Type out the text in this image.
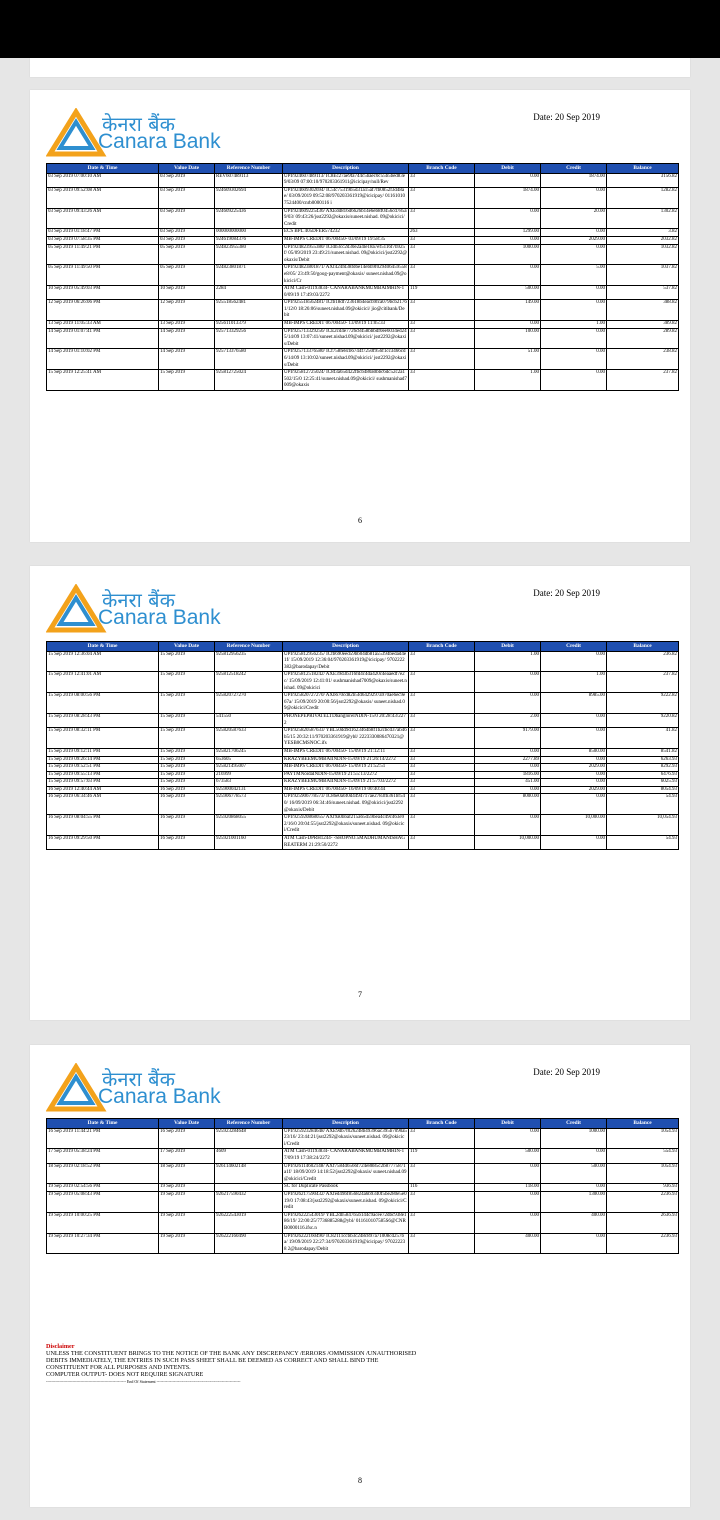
केनरा बैंक
Canara Bank
Date: 20 Sep 2019
Date & Time	Value Date	Reference Number	Description	Branch Code	Debit	Credit	Balance
03 Sep 2019 07:00:10 AM	03 Sep 2019	REV607489113	UPI/924607489113/ IC8Ec27ae9fa744c5baec0c55b5bed83e9/03/09 07:00:10/970203361911@icicipay/null/Rev	33	0.00	1874.00	3156.82
03 Sep 2019 09:52:08 AM	03 Sep 2019	924609302694	UPI/924609302694/ IC5fc75319b5d31a15af7fb0852f3d48ae/ 03/09/2019 09:52:08/970203361919@icicipay/ 011610107524400/cnrb0000116 i	33	1874.00	0.00	1282.82
03 Sep 2019 09:43:26 AM	03 Sep 2019	924609225436	UPI/924609225436/ AXEdd816d6626b14e6eb8f0456cd785a9/03/ 09:43:26/jsst2292@okaxis/suneet.nishad. 09@okicici/Credit	33	0.00	20.00	1302.82
03 Sep 2019 01:18:47 PM	03 Sep 2019	000000000000	ECS BPL 405DFER574232	263	1299.00	0.00	3.82
03 Sep 2019 07:58:35 PM	03 Sep 2019	924619084376	MB-IMPS CREDIT 06700450- 03/09/19 19:58:35	33	0.00	2029.00	2032.82
05 Sep 2019 11:49:21 PM	05 Sep 2019	924823955380	UPI/924823955380/ ICldb3cc2d30e2a4le18a7ef5116f7b925f/ 05/09/2019 23:49:21/suneet.nishad. 09@okicici/jsst2292@okaxis/Debit	33	1000.00	0.00	1032.82
05 Sep 2019 11:49:50 PM	05 Sep 2019	924823801871	UPI/924823801871/ AXf424fd38fd6e14ebb9f029406459558e8/05/ 23:49:50/goog-payment@okaxis/ suneet.nishad.09@okicici/Cr	33	0.00	5.00	1037.82
10 Sep 2019 05:49:03 PM	10 Sep 2019	2284	ATM Cash-01193834- CANARABANKMUMBAIMHIN-10/09/19 17:49:03/2272	119	500.00	0.00	537.82
12 Sep 2019 06:26:06 PM	12 Sep 2019	925518562481	UPI/925518562481/ ICfb18df723618b4eacb9fca079bcb21761/12/0 18:26:06/suneet.nishad.09@okicici/ jio@citibank/Debit	33	149.00	0.00	388.82
13 Sep 2019 11:05:33 AM	13 Sep 2019	925611013379	MB-IMPS CREDIT 06700450- 13/09/19 11:05:33	33	0.00	1.00	389.82
14 Sep 2019 01:07:41 PM	14 Sep 2019	925713329256	UPI/925713329256/ ICE2cd4e7726c8458bbbdf0ee6034ed245/14/09 13:07:41/suneet.nishad.09@okicici/ jsst2292@okaxis/Debit	33	100.00	0.00	289.82
14 Sep 2019 01:10:02 PM	14 Sep 2019	925713376580	UPI/925713376580/ ICf758fe8cb6744f7250f956f1cc3466cd6/14/09 13:10:02/suneet.nishad.09@okicici/ jsst2292@okaxis/Debit	33	51.00	0.00	238.82
15 Sep 2019 12:25:41 AM	15 Sep 2019	925812725024	UPI/925812725024/ IC8f3a65d422fbcb480a0bbc6dc52c2a1502/15/0 12:25:41/suneet.nishad.09@okicici/ sushmanishad7009@okaxis	33	1.00	0.00	237.82
6
केनरा बैंक
Canara Bank
Date: 20 Sep 2019
Date & Time	Value Date	Reference Number	Description	Branch Code	Debit	Credit	Balance
15 Sep 2019 12:36:04 AM	15 Sep 2019	925812956235	UPI/925812956235/ ICfb690eed59bb04db81a55394bedad4e1f/ 15/09/2019 12:36:04/970203361919@icicipay/ 9702222382@barodapay/Debit	33	1.00	0.00	236.82
15 Sep 2019 12:41:01 AM	15 Sep 2019	925812518242	UPI/925812518242/ AXE39d3b316fd4c4da420c4eaaedf7e2c/ 15/09/2019 12:41:01/ sushmanishad7009@okaxis/suneet.nishad. 09@okicici	33	0.00	1.00	237.82
15 Sep 2019 08:00:56 PM	15 Sep 2019	925820727270	UPI/925820727270/ AXb670cd82b5fd6429297a970ae6ec9e67a/ 15/09/2019 20:00:56/jsst2292@okaxis/ suneet.nishad.09@okicici/Credit	33	0.00	8985.00	9222.82
15 Sep 2019 08:28:43 PM	15 Sep 2019	541550	PHONEPEPRIVATELTDbangloreINDIN-15/0 20:28:43/2272	33	2.00	0.00	9220.82
15 Sep 2019 08:32:11 PM	15 Sep 2019	925820587633	UPI/925820587633/ YBL50dd9d1623464b8f1b2cbcd37ab46b5/15 20:32:11/970203361919@ybl/ 2223330086470321@YESB0CMSNOC.ifs	33	9179.00	0.00	41.82
15 Sep 2019 09:12:11 PM	15 Sep 2019	925821706245	MB-IMPS CREDIT 06700450- 15/09/19 21:12:11	33	0.00	8500.00	8541.82
15 Sep 2019 09:26:14 PM	15 Sep 2019	653605	KRAZYBEEMUMBAIINDIN-15/09/19 21:26:14/2272	33	2277.89	0.00	6263.93
15 Sep 2019 09:52:51 PM	15 Sep 2019	925821495007	MB-IMPS CREDIT 06700450- 15/09/19 21:52:51	33	0.00	2029.00	8292.93
15 Sep 2019 09:55:13 PM	15 Sep 2019	216999	PAYTMNoidaINDIN-15/09/19 21:55:13/2272	33	1816.00	0.00	6476.93
15 Sep 2019 09:57:03 PM	15 Sep 2019	673583	KRAZYBEEMUMBAIINDIN-15/09/19 21:57:03/2272	33	451.00	0.00	6025.93
16 Sep 2019 12:40:44 AM	16 Sep 2019	925900042131	MB-IMPS CREDIT 06700450- 16/09/19 00:40:44	33	0.00	2029.00	8054.93
16 Sep 2019 06:34:46 AM	16 Sep 2019	925906778573	UPI/925906778573/ IC86e0a6f0d4494717ae2783fb361bf540/ 16/09/2019 06:34:46/suneet.nishad. 09@okicici/jsst2292@okaxis/Debit	33	8000.00	0.00	54.93
16 Sep 2019 08:04:55 PM	16 Sep 2019	925920868055	UPI/925920868055/ AXf9a0bbaf215a65d59bea4c49c463e92/16/0 20:04:55/jsst2292@okaxis/suneet.nishad. 09@okicici/Credit	33	0.00	10,000.00	10,054.93
16 Sep 2019 09:29:50 PM	16 Sep 2019	925921001160	ATM Cash-DPRH1244- -SHOPNO.5MADHUMANISHAGREATERM 21:29:50/2272	33	10,000.00	0.00	54.93
7
केनरा बैंक
Canara Bank
Date: 20 Sep 2019
Date & Time	Value Date	Reference Number	Description	Branch Code	Debit	Credit	Balance
16 Sep 2019 11:44:21 PM	16 Sep 2019	925923284648	UPI/925923284648/ AXE9db7f026248b49396ac395b7090a523/16/ 23:44:21/jsst2292@okaxis/suneet.nishad. 09@okicici/Credit	33	0.00	1000.00	1054.93
17 Sep 2019 05:38:24 PM	17 Sep 2019	4609	ATM Cash-01193834- CANARABANKMUMBAIMHIN-17/09/19 17:38:24/2272	119	500.00	0.00	554.93
18 Sep 2019 02:18:52 PM	18 Sep 2019	926114602148	UPI/926114602148/ AXf7584d6566f724e8885c2b87775871a1f/ 18/09/2019 14:18:52/jsst2292@okaxis/ suneet.nishad.09@okicici/Credit	33	0.00	500.00	1054.93
19 Sep 2019 02:54:56 PM	19 Sep 2019		SC for Duplicate Passbook	116	118.00	0.00	936.93
19 Sep 2019 05:08:43 PM	19 Sep 2019	926217590432	UPI/926217590432/ AXfed49bf856824a6b9340f5be280e5e019/0 17:08:43/jsst2292@okaxis/suneet.nishad. 09@okicici/Credit	33	0.00	1300.00	2236.93
19 Sep 2019 10:00:25 PM	19 Sep 2019	926222543019	UPI/926222543019/ YBL2db5847b5b144c9acee72dbc938e186/19/ 22:00:25/7736885288@ybl/ 011610107585S6@CNRB0000116.ifsc.n	33	0.00	400.00	2636.93
19 Sep 2019 10:27:34 PM	19 Sep 2019	926222160490	UPI/926222160490/ IC82111ccbb3c248c897a71008cd257ba/ 19/09/2019 22:27:34/970203361919@icicipay/ 970222238 2@barodapay/Debit	33	400.00	0.00	2236.93
Disclaimer
UNLESS THE CONSTITUENT BRINGS TO THE NOTICE OF THE BANK ANY DISCREPANCY /ERRORS /OMMISSION /UNAUTHORISED
DEBITS IMMEDIATELY, THE ENTRIES IN SUCH PASS SHEET SHALL BE DEEMED AS CORRECT AND SHALL BIND THE
CONSTITUENT FOR ALL PURPOSES AND INTENTS.
COMPUTER OUTPUT- DOES NOT REQUIRE SIGNATURE
------------------------------------------------------------ End Of Statement ---------------------------------------------------------------
8
